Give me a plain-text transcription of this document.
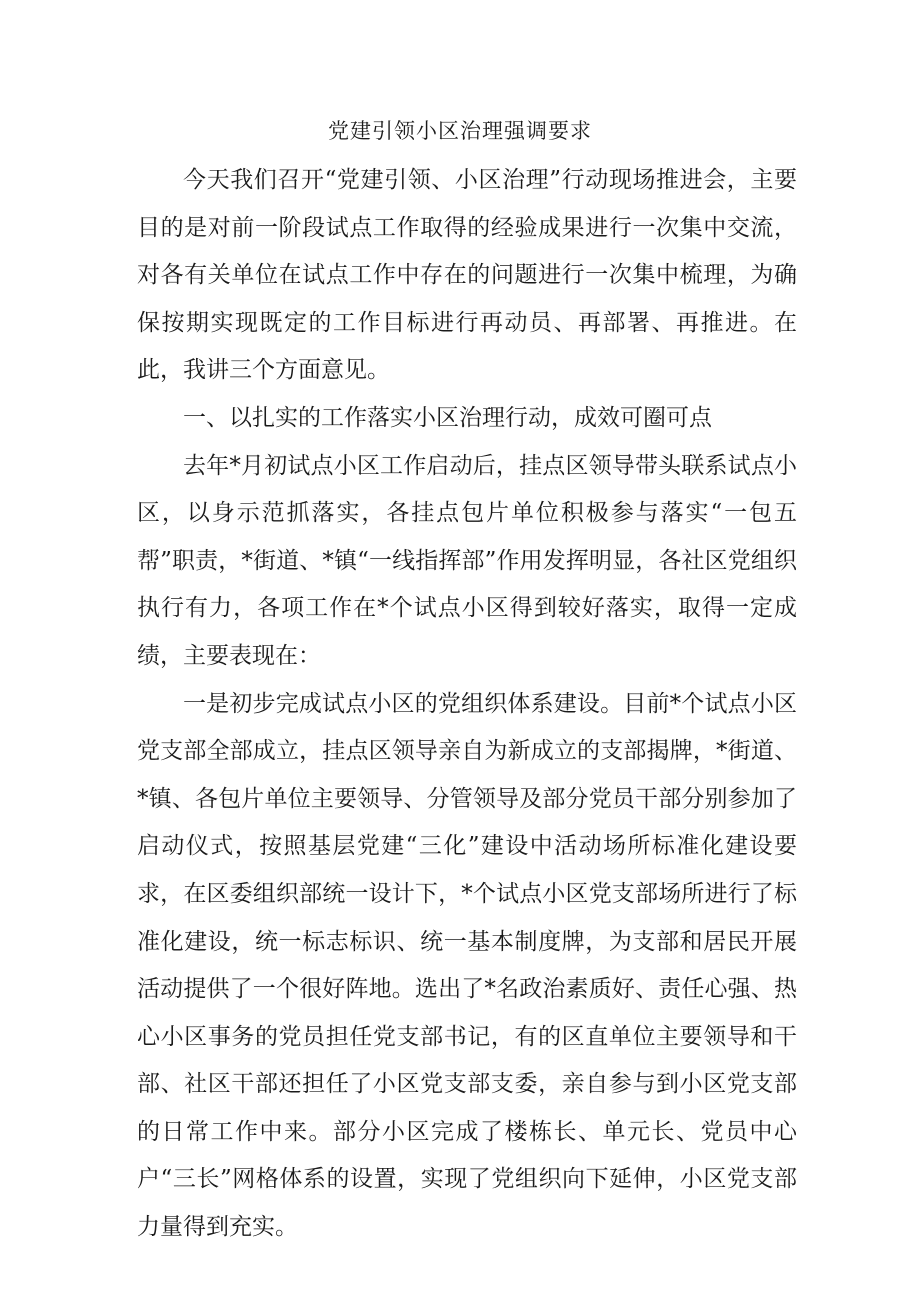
党建引领小区治理强调要求

今天我们召开“党建引领、小区治理”行动现场推进会，主要目的是对前一阶段试点工作取得的经验成果进行一次集中交流，对各有关单位在试点工作中存在的问题进行一次集中梳理，为确保按期实现既定的工作目标进行再动员、再部署、再推进。在此，我讲三个方面意见。

一、以扎实的工作落实小区治理行动，成效可圈可点

去年*月初试点小区工作启动后，挂点区领导带头联系试点小区，以身示范抓落实，各挂点包片单位积极参与落实“一包五帮”职责，*街道、*镇“一线指挥部”作用发挥明显，各社区党组织执行有力，各项工作在*个试点小区得到较好落实，取得一定成绩，主要表现在：

一是初步完成试点小区的党组织体系建设。目前*个试点小区党支部全部成立，挂点区领导亲自为新成立的支部揭牌，*街道、*镇、各包片单位主要领导、分管领导及部分党员干部分别参加了启动仪式，按照基层党建“三化”建设中活动场所标准化建设要求，在区委组织部统一设计下，*个试点小区党支部场所进行了标准化建设，统一标志标识、统一基本制度牌，为支部和居民开展活动提供了一个很好阵地。选出了*名政治素质好、责任心强、热心小区事务的党员担任党支部书记，有的区直单位主要领导和干部、社区干部还担任了小区党支部支委，亲自参与到小区党支部的日常工作中来。部分小区完成了楼栋长、单元长、党员中心户“三长”网格体系的设置，实现了党组织向下延伸，小区党支部力量得到充实。
